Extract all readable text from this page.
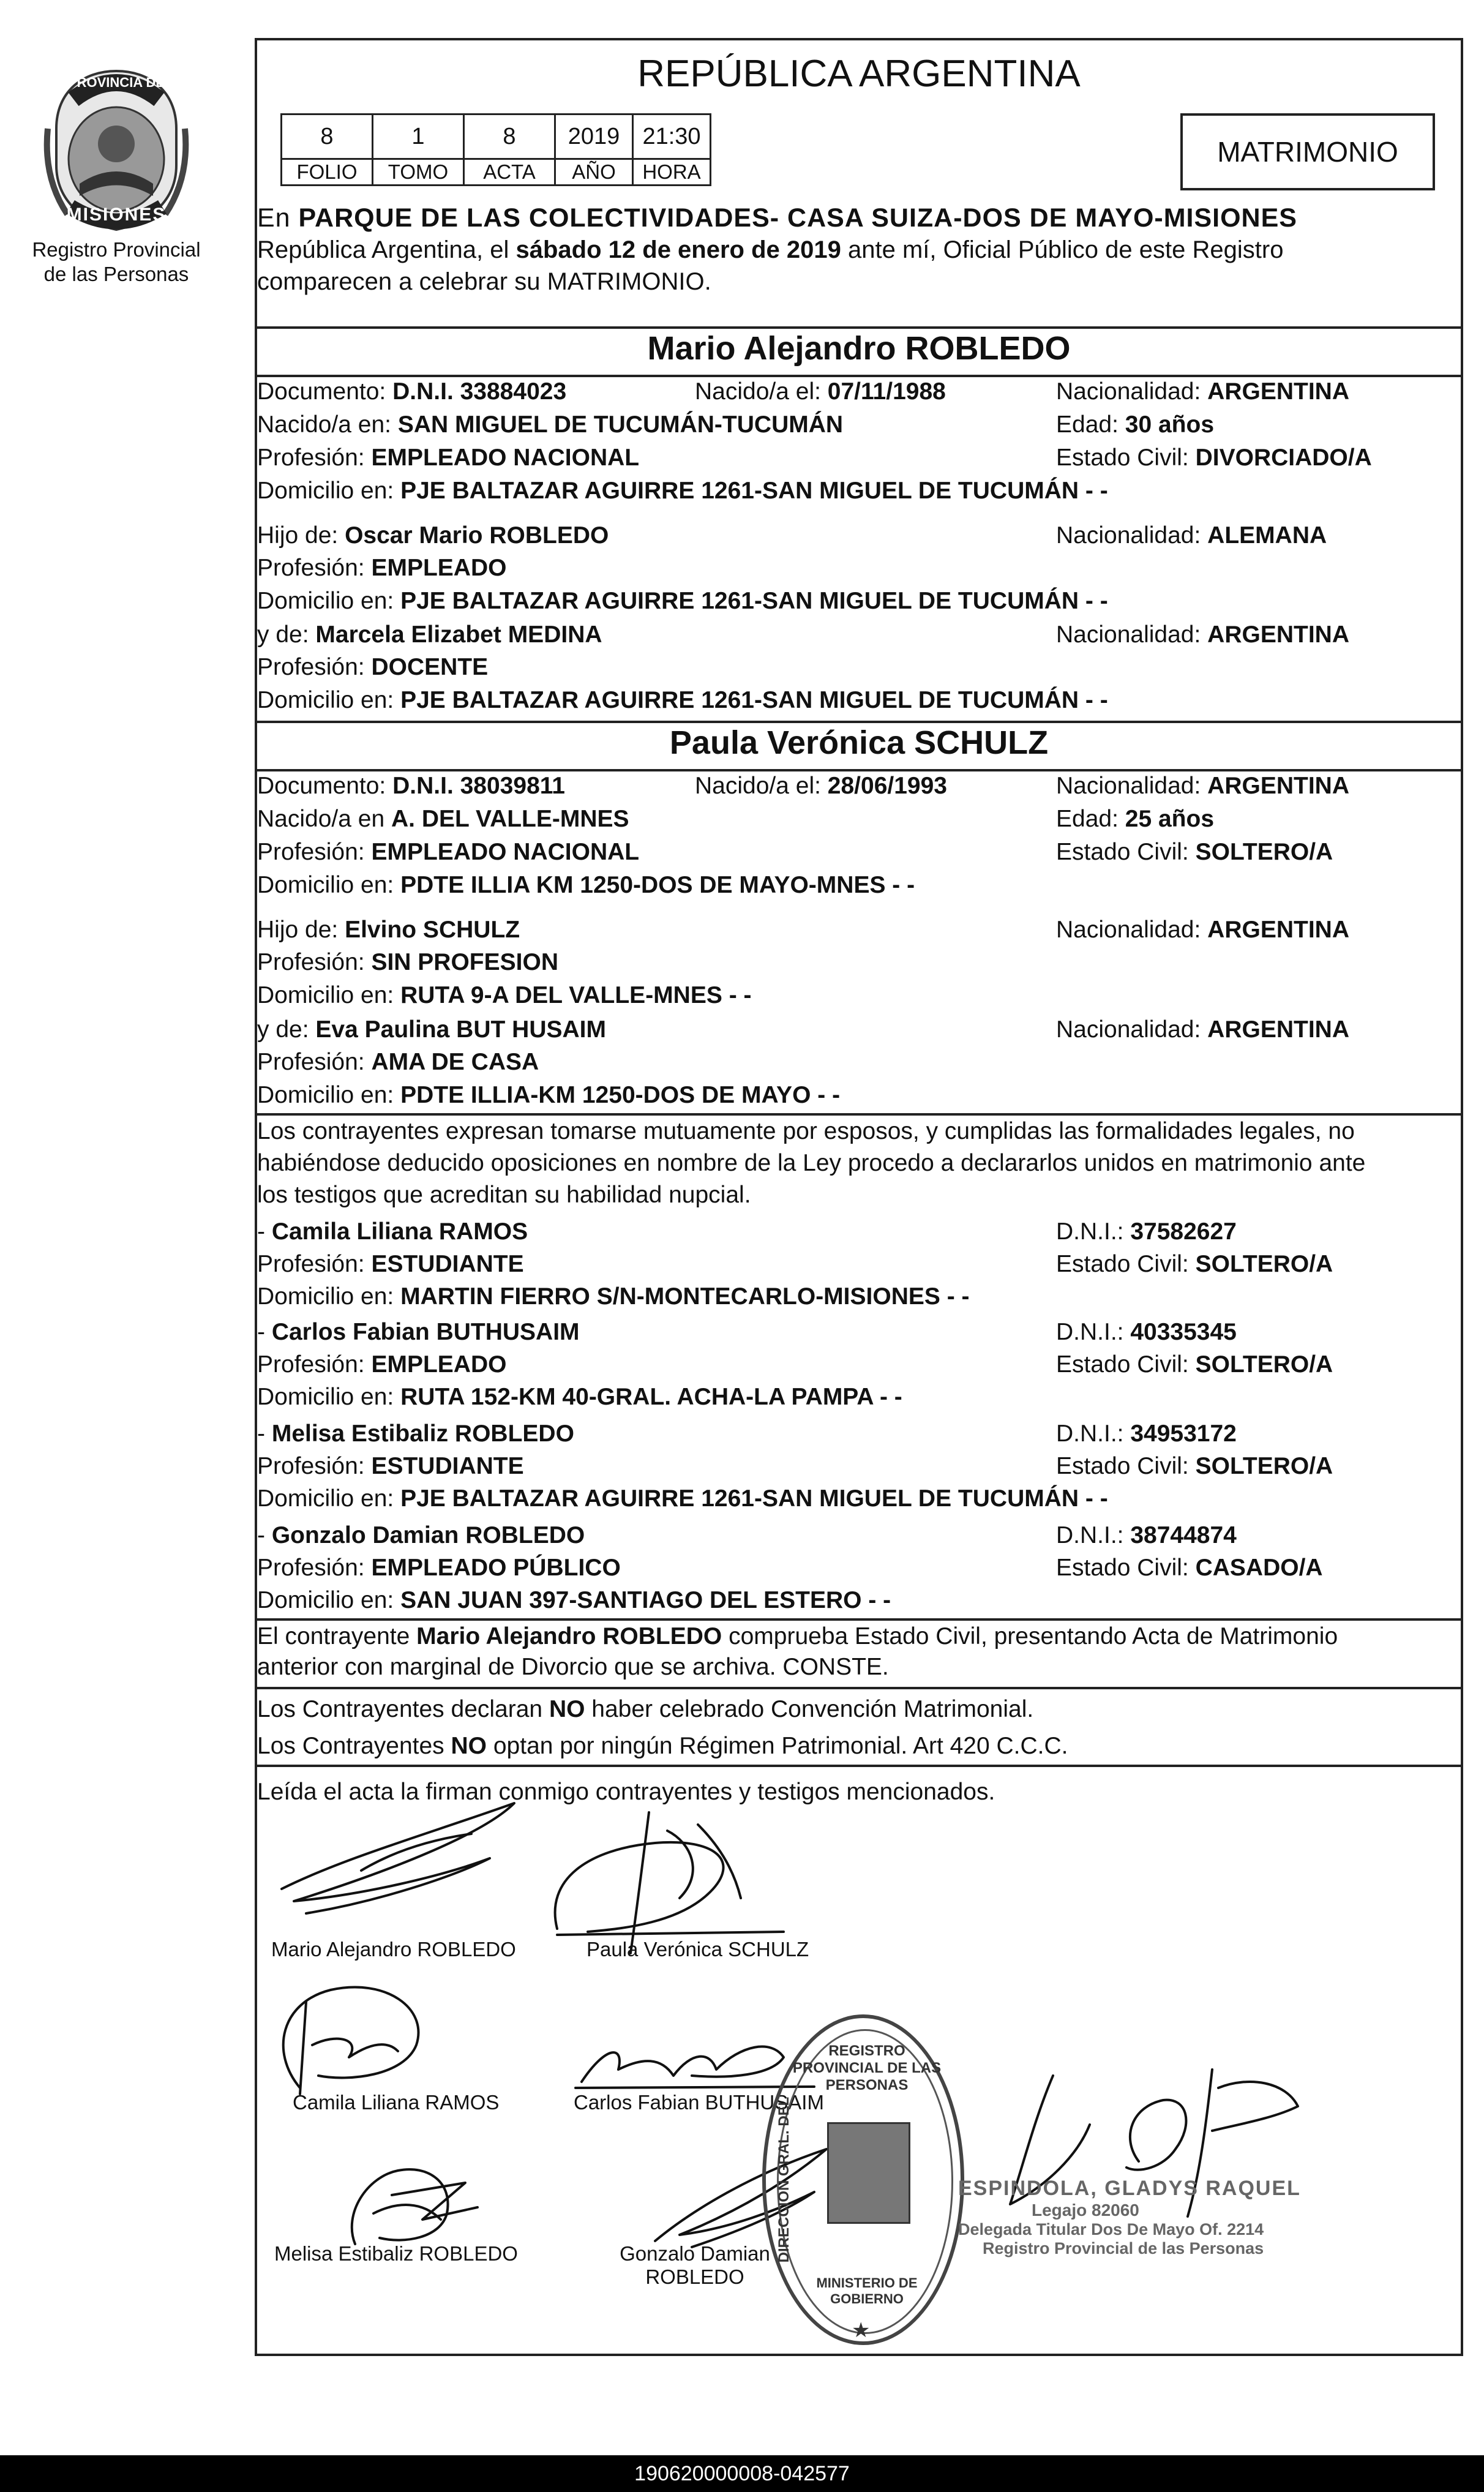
PROVINCIA DE
MISIONES
Registro Provincial
de las Personas
REPÚBLICA ARGENTINA
8	1	8	2019	21:30
FOLIO	TOMO	ACTA	AÑO	HORA
MATRIMONIO
En PARQUE DE LAS COLECTIVIDADES- CASA SUIZA-DOS DE MAYO-MISIONES
República Argentina, el sábado 12 de enero de 2019 ante mí, Oficial Público de este Registro
comparecen a celebrar su MATRIMONIO.
Mario Alejandro ROBLEDO
Documento: D.N.I. 33884023	Nacido/a el: 07/11/1988	Nacionalidad: ARGENTINA
Nacido/a en: SAN MIGUEL DE TUCUMÁN-TUCUMÁN	Edad: 30 años
Profesión: EMPLEADO NACIONAL	Estado Civil: DIVORCIADO/A
Domicilio en: PJE BALTAZAR AGUIRRE 1261-SAN MIGUEL DE TUCUMÁN - -
Hijo de: Oscar Mario ROBLEDO	Nacionalidad: ALEMANA
Profesión: EMPLEADO
Domicilio en: PJE BALTAZAR AGUIRRE 1261-SAN MIGUEL DE TUCUMÁN - -
y de: Marcela Elizabet MEDINA	Nacionalidad: ARGENTINA
Profesión: DOCENTE
Domicilio en: PJE BALTAZAR AGUIRRE 1261-SAN MIGUEL DE TUCUMÁN - -
Paula Verónica SCHULZ
Documento: D.N.I. 38039811	Nacido/a el: 28/06/1993	Nacionalidad: ARGENTINA
Nacido/a en A. DEL VALLE-MNES	Edad: 25 años
Profesión: EMPLEADO NACIONAL	Estado Civil: SOLTERO/A
Domicilio en: PDTE ILLIA KM 1250-DOS DE MAYO-MNES - -
Hijo de: Elvino SCHULZ	Nacionalidad: ARGENTINA
Profesión: SIN PROFESION
Domicilio en: RUTA 9-A DEL VALLE-MNES - -
y de: Eva Paulina BUT HUSAIM	Nacionalidad: ARGENTINA
Profesión: AMA DE CASA
Domicilio en: PDTE ILLIA-KM 1250-DOS DE MAYO - -
Los contrayentes expresan tomarse mutuamente por esposos, y cumplidas las formalidades legales, no
habiéndose deducido oposiciones en nombre de la Ley procedo a declararlos unidos en matrimonio ante
los testigos que acreditan su habilidad nupcial.
- Camila Liliana RAMOS	D.N.I.: 37582627
Profesión: ESTUDIANTE	Estado Civil: SOLTERO/A
Domicilio en: MARTIN FIERRO S/N-MONTECARLO-MISIONES - -
- Carlos Fabian BUTHUSAIM	D.N.I.: 40335345
Profesión: EMPLEADO	Estado Civil: SOLTERO/A
Domicilio en: RUTA 152-KM 40-GRAL. ACHA-LA PAMPA - -
- Melisa Estibaliz ROBLEDO	D.N.I.: 34953172
Profesión: ESTUDIANTE	Estado Civil: SOLTERO/A
Domicilio en: PJE BALTAZAR AGUIRRE 1261-SAN MIGUEL DE TUCUMÁN - -
- Gonzalo Damian ROBLEDO	D.N.I.: 38744874
Profesión: EMPLEADO PÚBLICO	Estado Civil: CASADO/A
Domicilio en: SAN JUAN 397-SANTIAGO DEL ESTERO - -
El contrayente Mario Alejandro ROBLEDO comprueba Estado Civil, presentando Acta de Matrimonio
anterior con marginal de Divorcio que se archiva. CONSTE.
Los Contrayentes declaran NO haber celebrado Convención Matrimonial.
Los Contrayentes NO optan por ningún Régimen Patrimonial. Art 420 C.C.C.
Leída el acta la firman conmigo contrayentes y testigos mencionados.
Mario Alejandro ROBLEDO	Paula Verónica SCHULZ
Camila Liliana RAMOS	Carlos Fabian BUTHUSAIM
Melisa Estibaliz ROBLEDO	Gonzalo Damian
ROBLEDO
REGISTRO PROVINCIAL DE LAS PERSONAS
DIRECCION GRAL. DEL
MINISTERIO DE GOBIERNO
★
ESPINDOLA, GLADYS RAQUEL
Legajo 82060
Delegada Titular Dos De Mayo Of. 2214
Registro Provincial de las Personas
190620000008-042577
